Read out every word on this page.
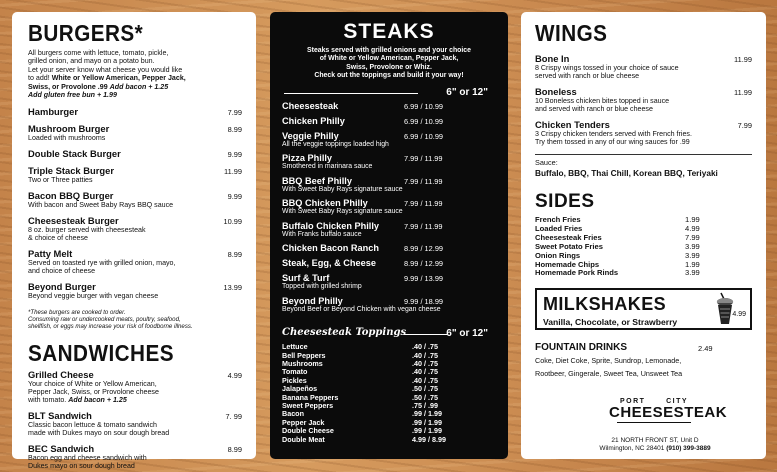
BURGERS*
All burgers come with lettuce, tomato, pickle,
grilled onion, and mayo on a potato bun.
Let your server know what cheese you would like
to add! White or Yellow American, Pepper Jack,
Swiss, or Provolone .99 Add bacon + 1.25
Add gluten free bun + 1.99
Hamburger	7.99
Mushroom Burger
Loaded with mushrooms
8.99
Double Stack Burger	9.99
Triple Stack Burger
Two or Three patties
11.99
Bacon BBQ Burger
With bacon and Sweet Baby Rays BBQ sauce
9.99
Cheesesteak Burger
8 oz. burger served with cheesesteak
& choice of cheese
10.99
Patty Melt
Served on toasted rye with grilled onion, mayo,
and choice of cheese
8.99
Beyond Burger
Beyond veggie burger with vegan cheese
13.99
*These burgers are cooked to order.
Consuming raw or undercooked meats, poultry, seafood,
shellfish, or eggs may increase your risk of foodborne illness.
SANDWICHES
Grilled Cheese
Your choice of White or Yellow American,
Pepper Jack, Swiss, or Provolone cheese
with tomato. Add bacon + 1.25
4.99
BLT Sandwich
Classic bacon lettuce & tomato sandwich
made with Dukes mayo on sour dough bread
7. 99
BEC Sandwich
Bacon egg and cheese sandwich with
Dukes mayo on sour dough bread
8.99
STEAKS
Steaks served with grilled onions and your choice
of White or Yellow American, Pepper Jack,
Swiss, Provolone or Whiz.
Check out the toppings and build it your way!
6" or 12"
Cheesesteak	6.99 / 10.99
Chicken Philly	6.99 / 10.99
Veggie Philly
All the veggie toppings loaded high
6.99 / 10.99
Pizza Philly
Smothered in marinara sauce
7.99 / 11.99
BBQ Beef Philly
With Sweet Baby Rays signature sauce
7.99 / 11.99
BBQ Chicken Philly
With Sweet Baby Rays signature sauce
7.99 / 11.99
Buffalo Chicken Philly
With Franks buffalo sauce
7.99 / 11.99
Chicken Bacon Ranch	8.99 / 12.99
Steak, Egg, & Cheese	8.99 / 12.99
Surf & Turf
Topped with grilled shrimp
9.99 / 13.99
Beyond Philly
Beyond Beef or Beyond Chicken with vegan cheese
9.99 / 18.99
Cheesesteak Toppings	6" or 12"
Lettuce	.40 / .75
Bell Peppers	.40 / .75
Mushrooms	.40 / .75
Tomato	.40 / .75
Pickles	.40 / .75
Jalapeños	.50 / .75
Banana Peppers	.50 / .75
Sweet Peppers	.75 / .99
Bacon	.99 / 1.99
Pepper Jack	.99 / 1.99
Double Cheese	.99 / 1.99
Double Meat	4.99 / 8.99
WINGS
Bone In
8 Crispy wings tossed in your choice of sauce
served with ranch or blue cheese
11.99
Boneless
10 Boneless chicken bites topped in sauce
and served with ranch or blue cheese
11.99
Chicken Tenders
3 Crispy chicken tenders served with French fries.
Try them tossed in any of our wing sauces for .99
7.99
Sauce:
Buffalo, BBQ, Thai Chill, Korean BBQ, Teriyaki
SIDES
French Fries	1.99
Loaded Fries	4.99
Cheesesteak Fries	7.99
Sweet Potato Fries	3.99
Onion Rings	3.99
Homemade Chips	1.99
Homemade Pork Rinds	3.99
MILKSHAKES
Vanilla, Chocolate, or Strawberry
4.99
FOUNTAIN DRINKS	2.49
Coke, Diet Coke, Sprite, Sundrop, Lemonade,
Rootbeer, Gingerale, Sweet Tea, Unsweet Tea
PORT	CITY
CHEESESTEAK
21 NORTH FRONT ST, Unit D
Wilmington, NC 28401 (910) 399-3889
